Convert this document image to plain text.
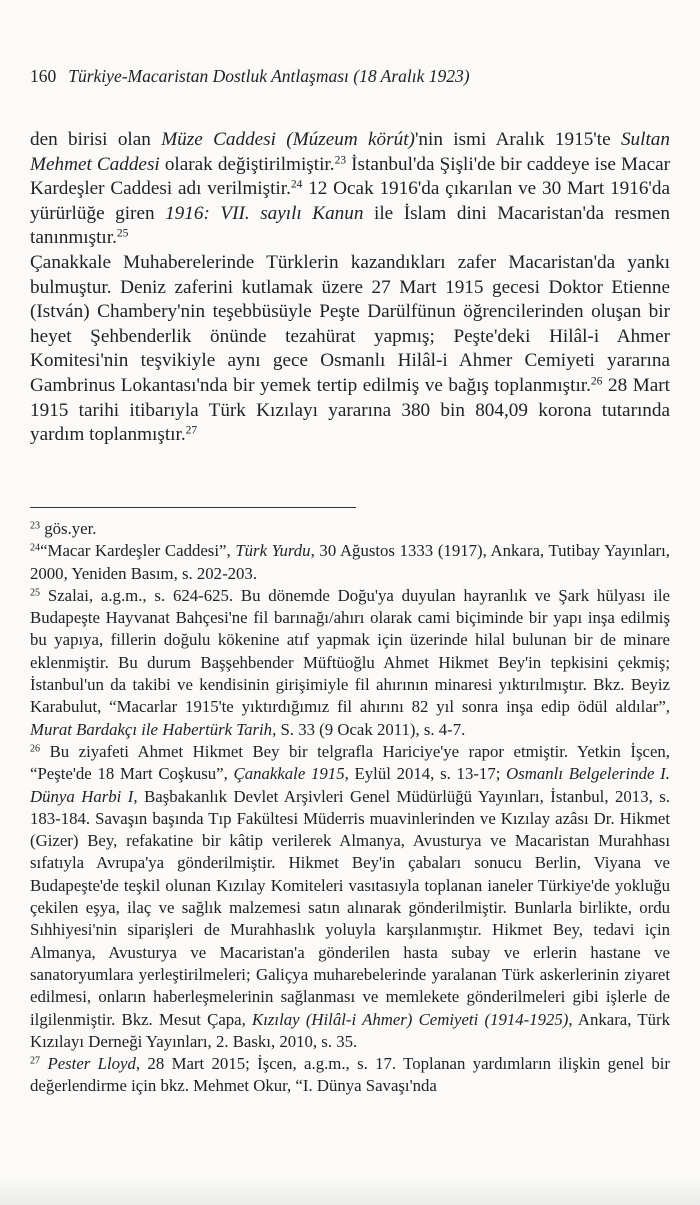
160 Türkiye-Macaristan Dostluk Antlaşması (18 Aralık 1923)

den birisi olan Müze Caddesi (Múzeum körút)'nin ismi Aralık 1915'te Sultan Mehmet Caddesi olarak değiştirilmiştir.$^{23}$ İstanbul'da Şişli'de bir caddeye ise Macar Kardeşler Caddesi adı verilmiştir.$^{24}$ 12 Ocak 1916'da çıkarılan ve 30 Mart 1916'da yürürlüğe giren 1916: VII. sayılı Kanun ile İslam dini Macaristan'da resmen tanınmıştır.$^{25}$

Çanakkale Muhaberelerinde Türklerin kazandıkları zafer Macaristan'da yankı bulmuştur. Deniz zaferini kutlamak üzere 27 Mart 1915 gecesi Doktor Etienne (István) Chambery'nin teşebbüsüyle Peşte Darülfünun öğrencilerinden oluşan bir heyet Şehbenderlik önünde tezahürat yapmış; Peşte'deki Hilâl-i Ahmer Komitesi'nin teşvikiyle aynı gece Osmanlı Hilâl-i Ahmer Cemiyeti yararına Gambrinus Lokantası'nda bir yemek tertip edilmiş ve bağış toplanmıştır.$^{26}$ 28 Mart 1915 tarihi itibarıyla Türk Kızılayı yararına 380 bin 804,09 korona tutarında yardım toplanmıştır.$^{27}$

$^{23}$ gös.yer.

$^{24}$“Macar Kardeşler Caddesi”, Türk Yurdu, 30 Ağustos 1333 (1917), Ankara, Tutibay Yayınları, 2000, Yeniden Basım, s. 202-203.

$^{25}$ Szalai, a.g.m., s. 624-625. Bu dönemde Doğu'ya duyulan hayranlık ve Şark hülyası ile Budapeşte Hayvanat Bahçesi'ne fil barınağı/ahırı olarak cami biçiminde bir yapı inşa edilmiş bu yapıya, fillerin doğulu kökenine atıf yapmak için üzerinde hilal bulunan bir de minare eklenmiştir. Bu durum Başşehbender Müftüoğlu Ahmet Hikmet Bey'in tepkisini çekmiş; İstanbul'un da takibi ve kendisinin girişimiyle fil ahırının minaresi yıktırılmıştır. Bkz. Beyiz Karabulut, “Macarlar 1915'te yıktırdığımız fil ahırını 82 yıl sonra inşa edip ödül aldılar”, Murat Bardakçı ile Habertürk Tarih, S. 33 (9 Ocak 2011), s. 4-7.

$^{26}$ Bu ziyafeti Ahmet Hikmet Bey bir telgrafla Hariciye'ye rapor etmiştir. Yetkin İşcen, “Peşte'de 18 Mart Coşkusu”, Çanakkale 1915, Eylül 2014, s. 13-17; Osmanlı Belgelerinde I. Dünya Harbi I, Başbakanlık Devlet Arşivleri Genel Müdürlüğü Yayınları, İstanbul, 2013, s. 183-184. Savaşın başında Tıp Fakültesi Müderris muavinlerinden ve Kızılay azâsı Dr. Hikmet (Gizer) Bey, refakatine bir kâtip verilerek Almanya, Avusturya ve Macaristan Murahhası sıfatıyla Avrupa'ya gönderilmiştir. Hikmet Bey'in çabaları sonucu Berlin, Viyana ve Budapeşte'de teşkil olunan Kızılay Komiteleri vasıtasıyla toplanan ianeler Türkiye'de yokluğu çekilen eşya, ilaç ve sağlık malzemesi satın alınarak gönderilmiştir. Bunlarla birlikte, ordu Sıhhiyesi'nin siparişleri de Murahhaslık yoluyla karşılanmıştır. Hikmet Bey, tedavi için Almanya, Avusturya ve Macaristan'a gönderilen hasta subay ve erlerin hastane ve sanatoryumlara yerleştirilmeleri; Galiçya muharebelerinde yaralanan Türk askerlerinin ziyaret edilmesi, onların haberleşmelerinin sağlanması ve memlekete gönderilmeleri gibi işlerle de ilgilenmiştir. Bkz. Mesut Çapa, Kızılay (Hilâl-i Ahmer) Cemiyeti (1914-1925), Ankara, Türk Kızılayı Derneği Yayınları, 2. Baskı, 2010, s. 35.

$^{27}$ Pester Lloyd, 28 Mart 2015; İşcen, a.g.m., s. 17. Toplanan yardımların ilişkin genel bir değerlendirme için bkz. Mehmet Okur, “I. Dünya Savaşı'nda
